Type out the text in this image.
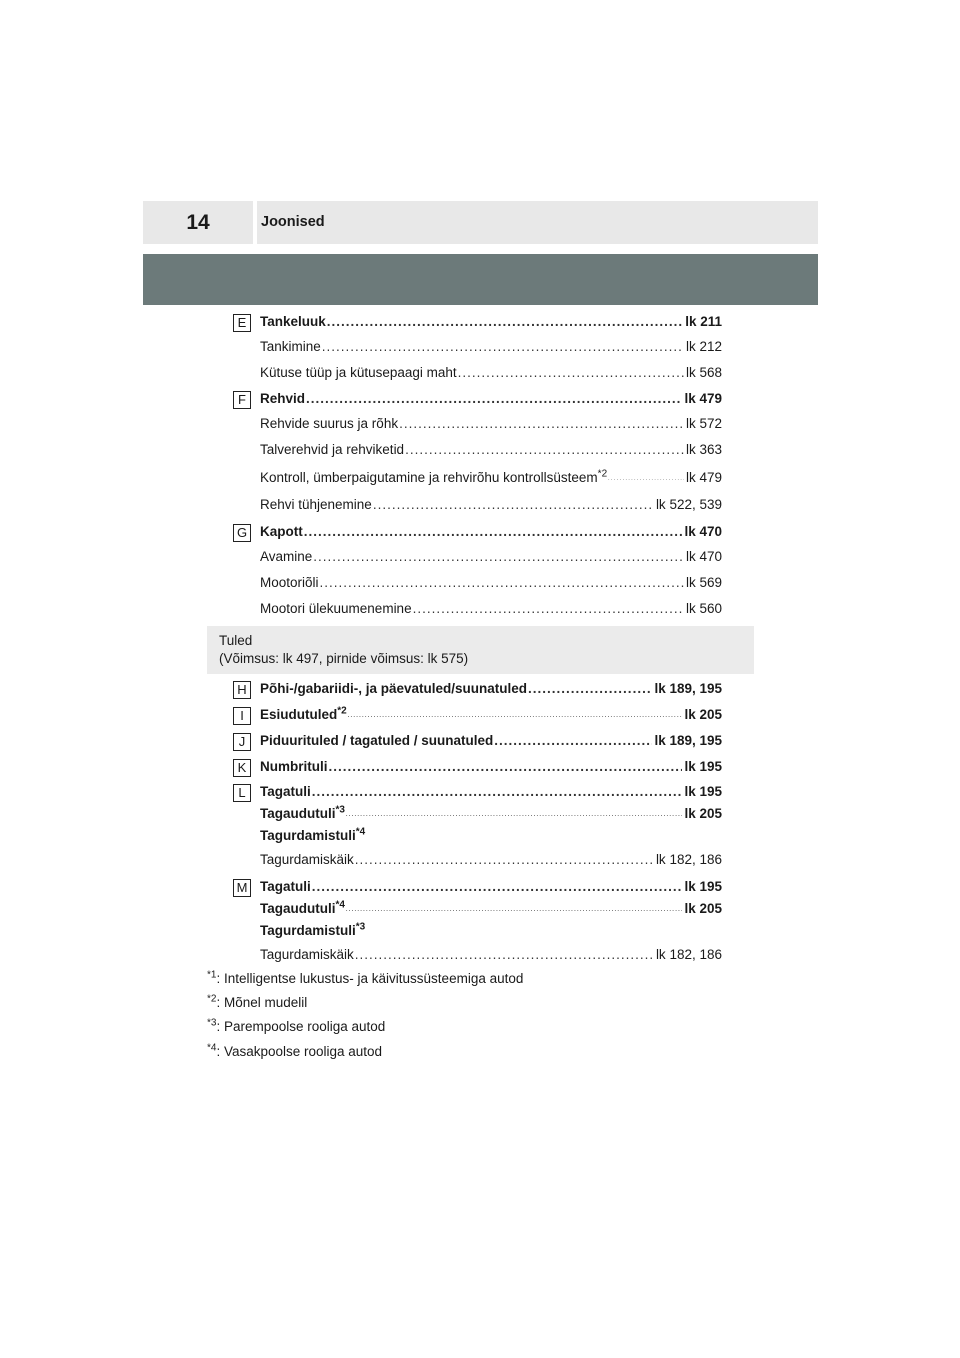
14	Joonised
E	Tankeluuk .....	lk 211
Tankimine .....	lk 212
Kütuse tüüp ja kütusepaagi maht .....	lk 568
F	Rehvid .....	lk 479
Rehvide suurus ja rõhk .....	lk 572
Talverehvid ja rehviketid .....	lk 363
Kontroll, ümberpaigutamine ja rehvirõhu kontrollsüsteem$^{*2}$ .....	lk 479
Rehvi tühjenemine .....	lk 522, 539
G Kapott .....	lk 470
Avamine .....	lk 470
Mootoriõli .....	lk 569
Mootori ülekuumenemine .....	lk 560
Tuled
(Võimsus: lk 497, pirnide võimsus: lk 575)
H Põhi-/gabariidi-, ja päevatuled/suunatuled .....	lk 189, 195
I	Esiudutuled$^{*2}$ .....	lk 205
J	Piduurituled / tagatuled / suunatuled .....	lk 189, 195
K	Numbrituli .....	lk 195
L	Tagatuli .....	lk 195
Tagaudutuli$^{*3}$ .....	lk 205
Tagurdamistuli$^{*4}$
Tagurdamiskäik .....	lk 182, 186
M Tagatuli .....	lk 195
Tagaudutuli$^{*4}$ .....	lk 205
Tagurdamistuli$^{*3}$
Tagurdamiskäik .....	lk 182, 186
$^{*1}$: Intelligentse lukustus- ja käivitussüsteemiga autod
$^{*2}$: Mõnel mudelil
$^{*3}$: Parempoolse rooliga autod
$^{*4}$: Vasakpoolse rooliga autod
